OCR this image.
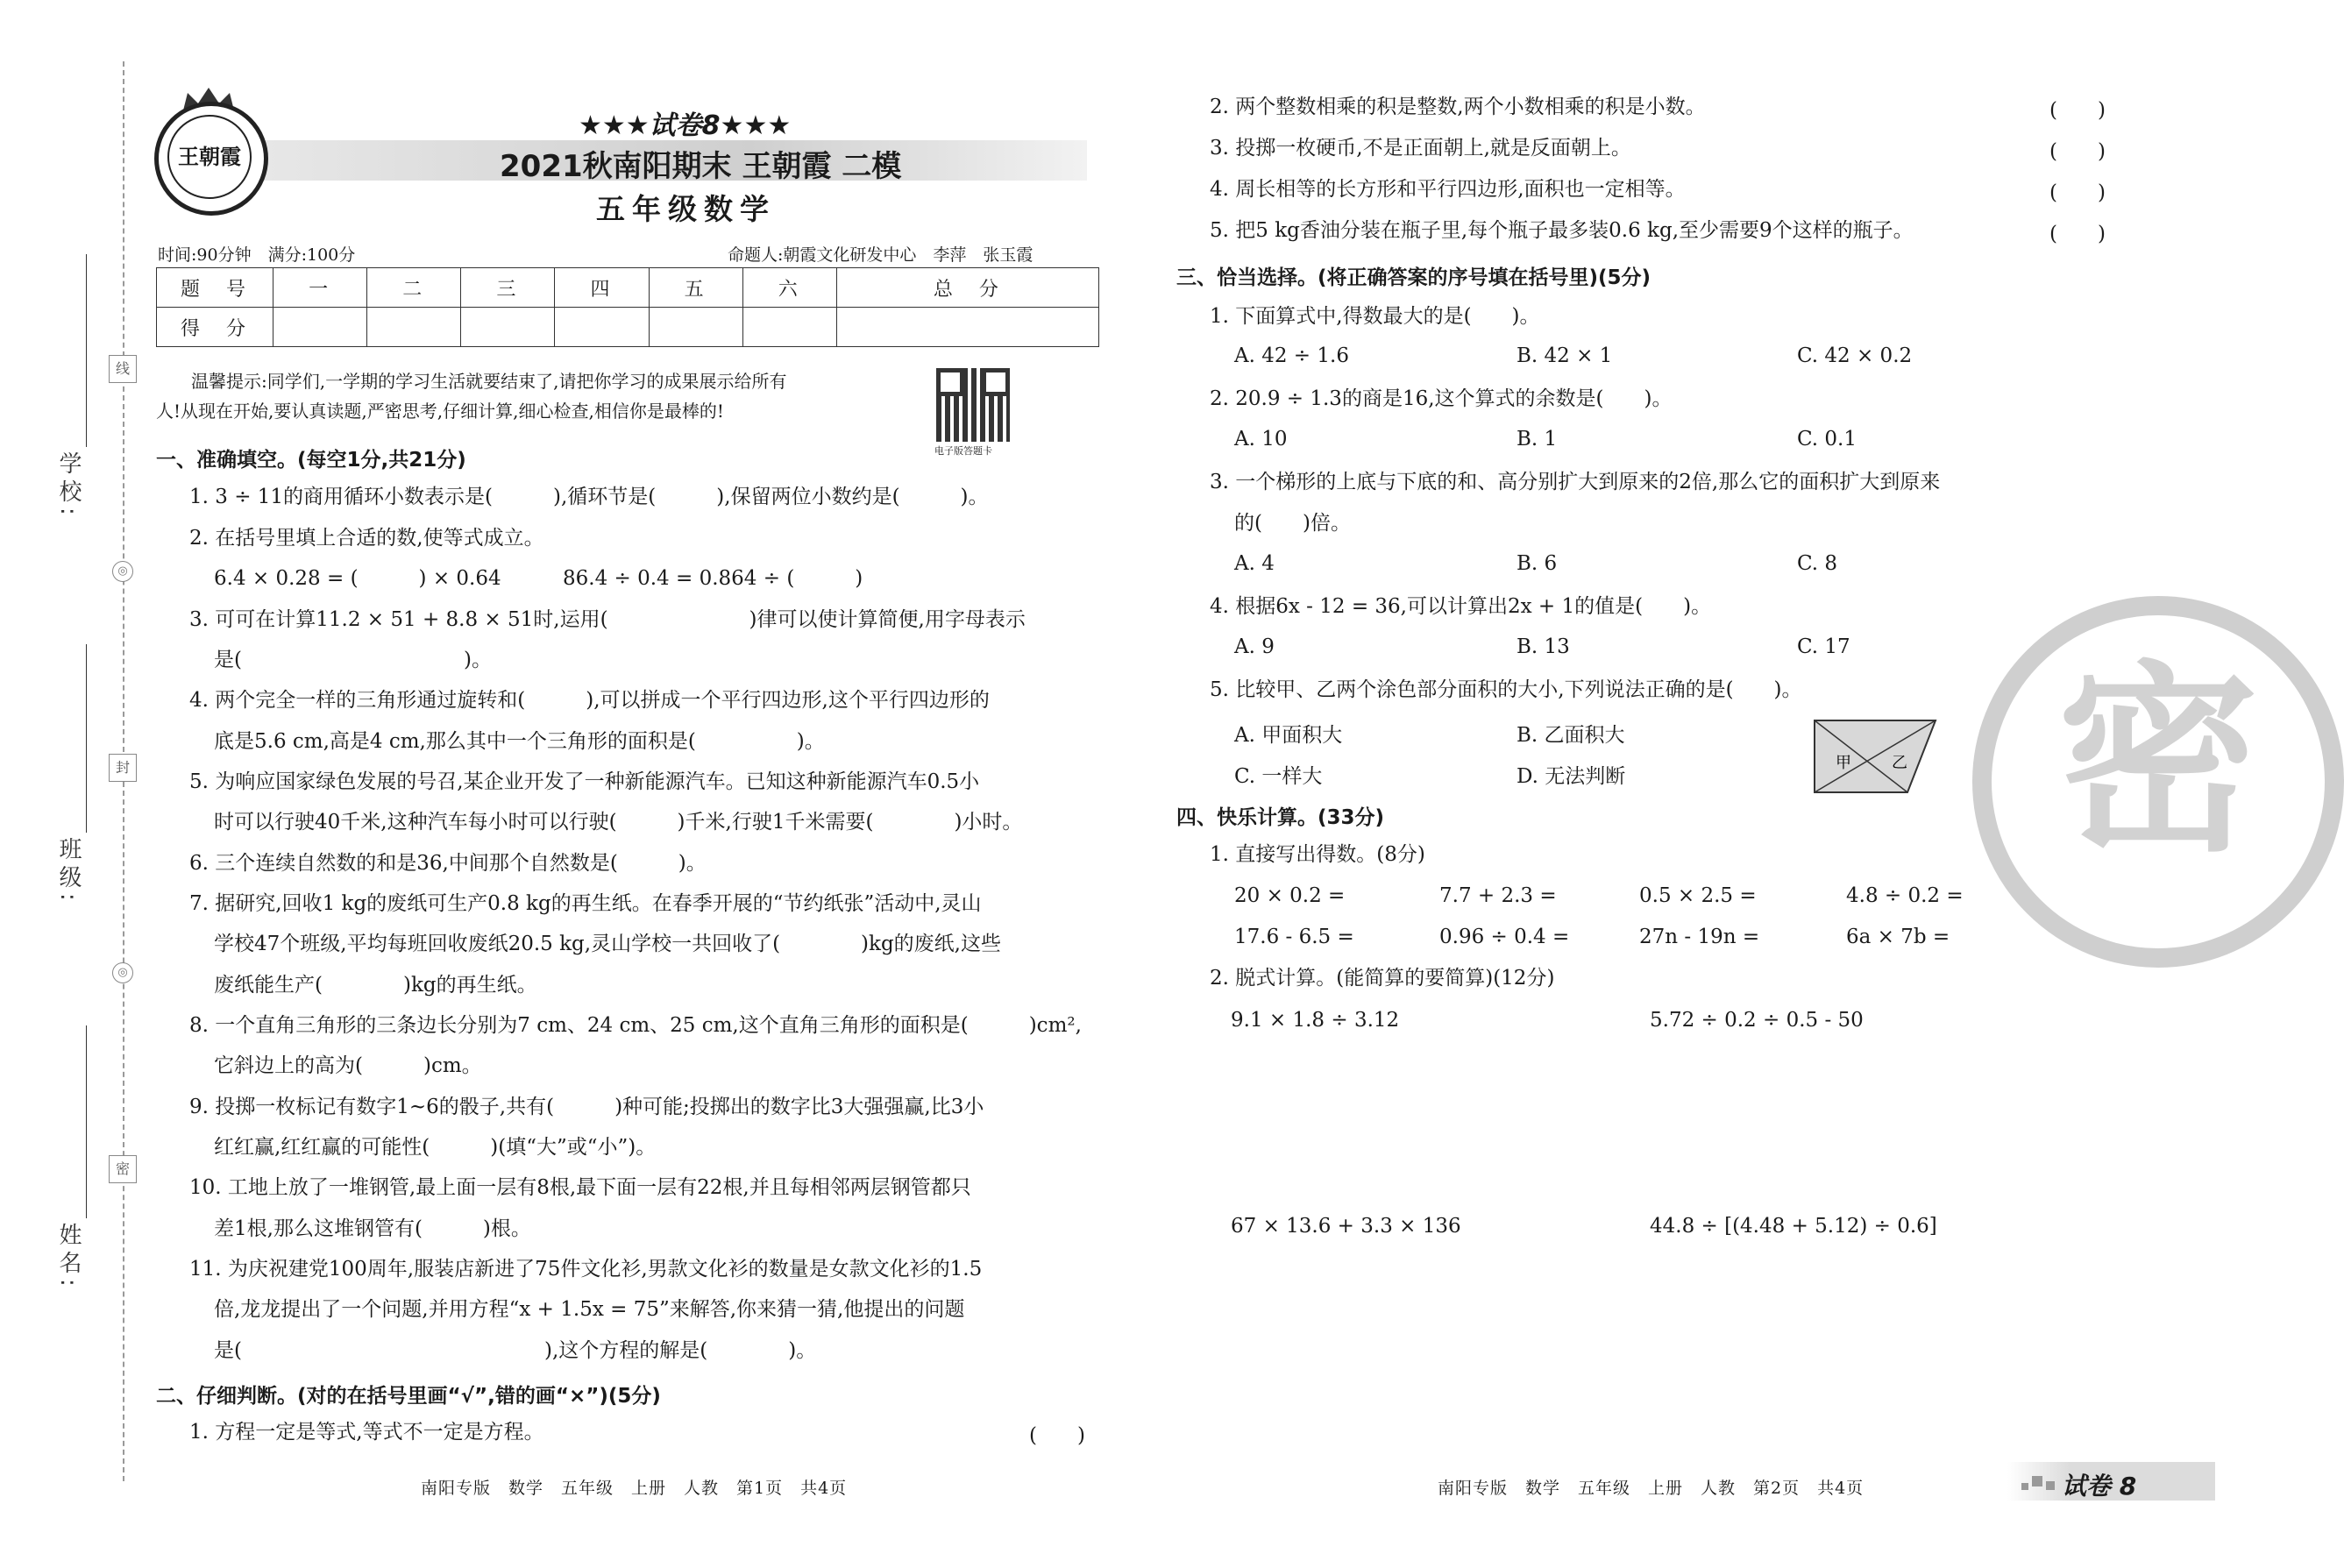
学校:
班级:
姓名:
线
◎
封
◎
密
王朝霞
★★★试卷8★★★
2021秋南阳期末 王朝霞 二模
五年级数学
时间:90分钟　满分:100分	命题人:朝霞文化研发中心　李萍　张玉霞
题　号	一	二	三	四	五	六	总　分
得　分							
温馨提示:同学们,一学期的学习生活就要结束了,请把你学习的成果展示给所有
人!从现在开始,要认真读题,严密思考,仔细计算,细心检查,相信你是最棒的!
电子版答题卡
一、准确填空。(每空1分,共21分)
1. 3 ÷ 11的商用循环小数表示是(　　　),循环节是(　　　),保留两位小数约是(　　　)。
2. 在括号里填上合适的数,使等式成立。
6.4 × 0.28 = (　　　) × 0.64	86.4 ÷ 0.4 = 0.864 ÷ (　　　)
3. 可可在计算11.2 × 51 + 8.8 × 51时,运用(　　　　　　　)律可以使计算简便,用字母表示
是(　　　　　　　　　　　)。
4. 两个完全一样的三角形通过旋转和(　　　),可以拼成一个平行四边形,这个平行四边形的
底是5.6 cm,高是4 cm,那么其中一个三角形的面积是(　　　　　)。
5. 为响应国家绿色发展的号召,某企业开发了一种新能源汽车。已知这种新能源汽车0.5小
时可以行驶40千米,这种汽车每小时可以行驶(　　　)千米,行驶1千米需要(　　　　)小时。
6. 三个连续自然数的和是36,中间那个自然数是(　　　)。
7. 据研究,回收1 kg的废纸可生产0.8 kg的再生纸。在春季开展的“节约纸张”活动中,灵山
学校47个班级,平均每班回收废纸20.5 kg,灵山学校一共回收了(　　　　)kg的废纸,这些
废纸能生产(　　　　)kg的再生纸。
8. 一个直角三角形的三条边长分别为7 cm、24 cm、25 cm,这个直角三角形的面积是(　　　)cm²,
它斜边上的高为(　　　)cm。
9. 投掷一枚标记有数字1~6的骰子,共有(　　　)种可能;投掷出的数字比3大强强赢,比3小
红红赢,红红赢的可能性(　　　)(填“大”或“小”)。
10. 工地上放了一堆钢管,最上面一层有8根,最下面一层有22根,并且每相邻两层钢管都只
差1根,那么这堆钢管有(　　　)根。
11. 为庆祝建党100周年,服装店新进了75件文化衫,男款文化衫的数量是女款文化衫的1.5
倍,龙龙提出了一个问题,并用方程“x + 1.5x = 75”来解答,你来猜一猜,他提出的问题
是(　　　　　　　　　　　　　　　),这个方程的解是(　　　　)。
二、仔细判断。(对的在括号里画“√”,错的画“×”)(5分)
1. 方程一定是等式,等式不一定是方程。	(　　)
2. 两个整数相乘的积是整数,两个小数相乘的积是小数。	(　　)
3. 投掷一枚硬币,不是正面朝上,就是反面朝上。	(　　)
4. 周长相等的长方形和平行四边形,面积也一定相等。	(　　)
5. 把5 kg香油分装在瓶子里,每个瓶子最多装0.6 kg,至少需要9个这样的瓶子。	(　　)
密
三、恰当选择。(将正确答案的序号填在括号里)(5分)
1. 下面算式中,得数最大的是(　　)。
A. 42 ÷ 1.6	B. 42 × 1	C. 42 × 0.2
2. 20.9 ÷ 1.3的商是16,这个算式的余数是(　　)。
A. 10	B. 1	C. 0.1
3. 一个梯形的上底与下底的和、高分别扩大到原来的2倍,那么它的面积扩大到原来
的(　　)倍。
A. 4	B. 6	C. 8
4. 根据6x - 12 = 36,可以计算出2x + 1的值是(　　)。
A. 9	B. 13	C. 17
5. 比较甲、乙两个涂色部分面积的大小,下列说法正确的是(　　)。
A. 甲面积大	B. 乙面积大
C. 一样大	D. 无法判断
甲	乙
四、快乐计算。(33分)
1. 直接写出得数。(8分)
20 × 0.2 =	7.7 + 2.3 =	0.5 × 2.5 =	4.8 ÷ 0.2 =
17.6 - 6.5 =	0.96 ÷ 0.4 =	27n - 19n =	6a × 7b =
2. 脱式计算。(能简算的要简算)(12分)
9.1 × 1.8 ÷ 3.12	5.72 ÷ 0.2 ÷ 0.5 - 50
67 × 13.6 + 3.3 × 136	44.8 ÷ [(4.48 + 5.12) ÷ 0.6]
南阳专版　数学　五年级　上册　人教　第1页　共4页	南阳专版　数学　五年级　上册　人教　第2页　共4页	试卷 8
